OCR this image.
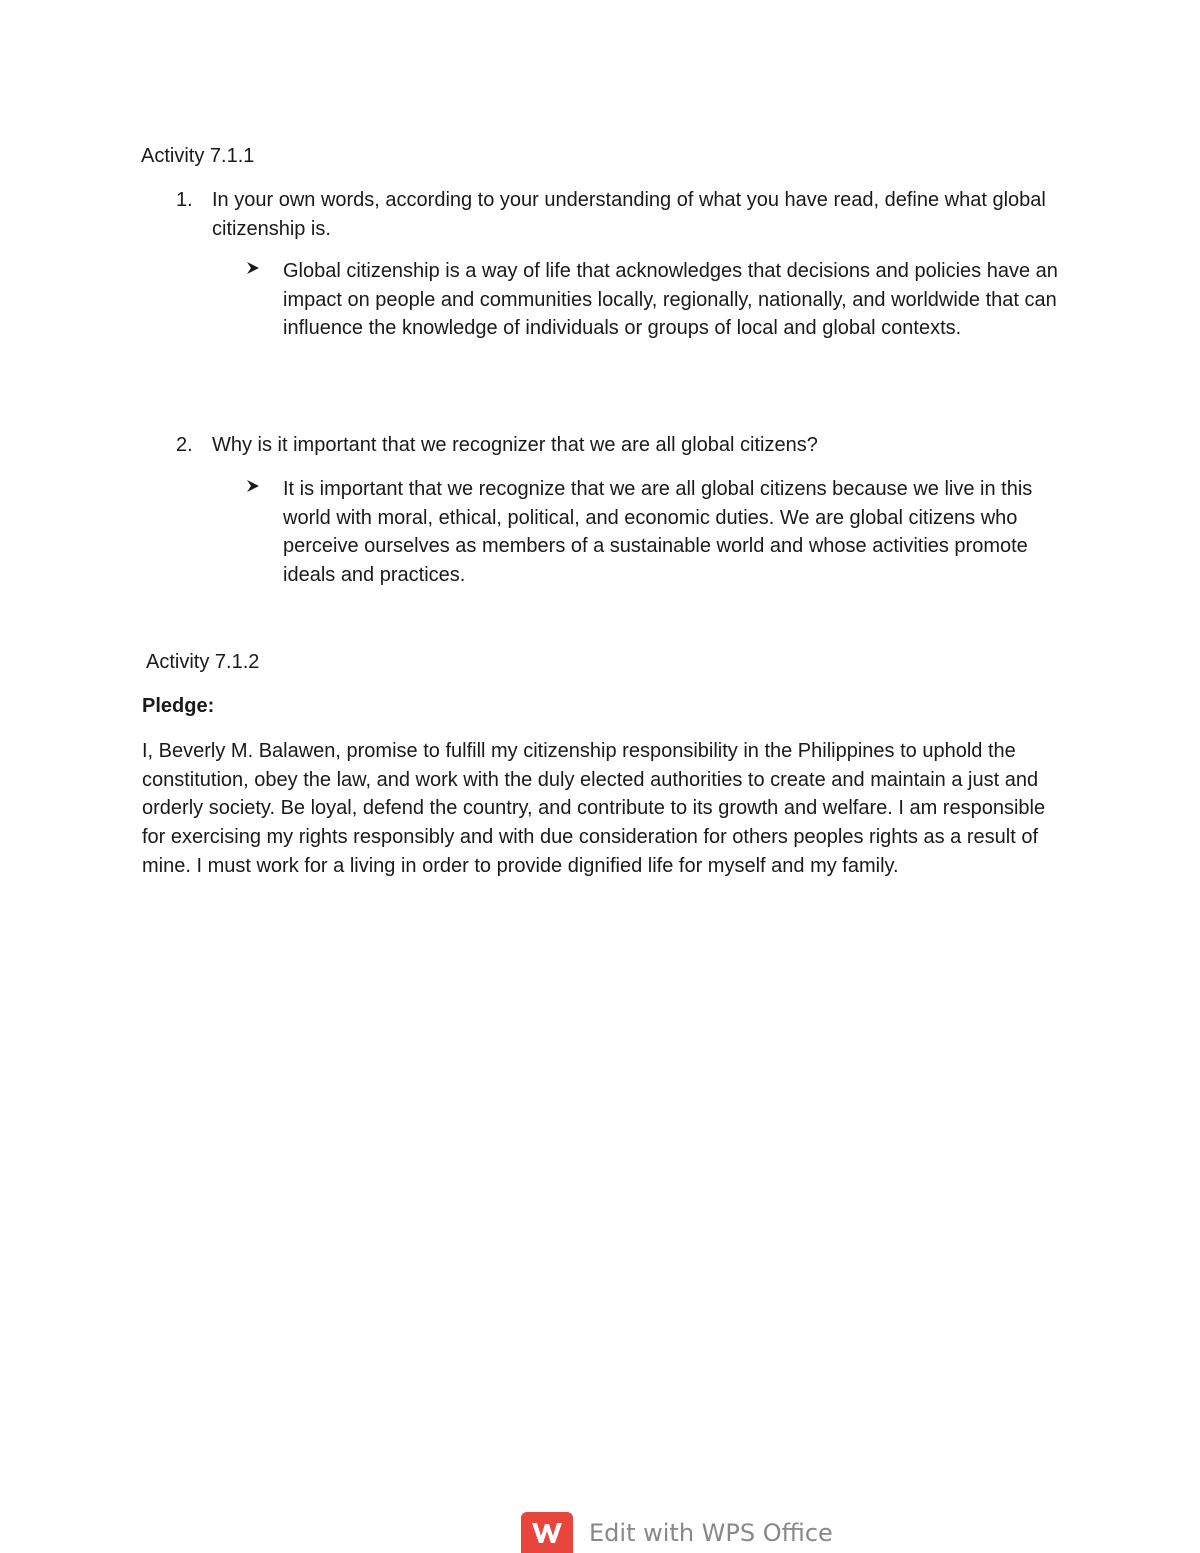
Activity 7.1.1
1. In your own words, according to your understanding of what you have read, define what global citizenship is.
Global citizenship is a way of life that acknowledges that decisions and policies have an impact on people and communities locally, regionally, nationally, and worldwide that can influence the knowledge of individuals or groups of local and global contexts.
2. Why is it important that we recognizer that we are all global citizens?
It is important that we recognize that we are all global citizens because we live in this world with moral, ethical, political, and economic duties. We are global citizens who perceive ourselves as members of a sustainable world and whose activities promote ideals and practices.
Activity 7.1.2
Pledge:
I, Beverly M. Balawen, promise to fulfill my citizenship responsibility in the Philippines to uphold the constitution, obey the law, and work with the duly elected authorities to create and maintain a just and orderly society. Be loyal, defend the country, and contribute to its growth and welfare. I am responsible for exercising my rights responsibly and with due consideration for others peoples rights as a result of mine. I must work for a living in order to provide dignified life for myself and my family.
Edit with WPS Office
